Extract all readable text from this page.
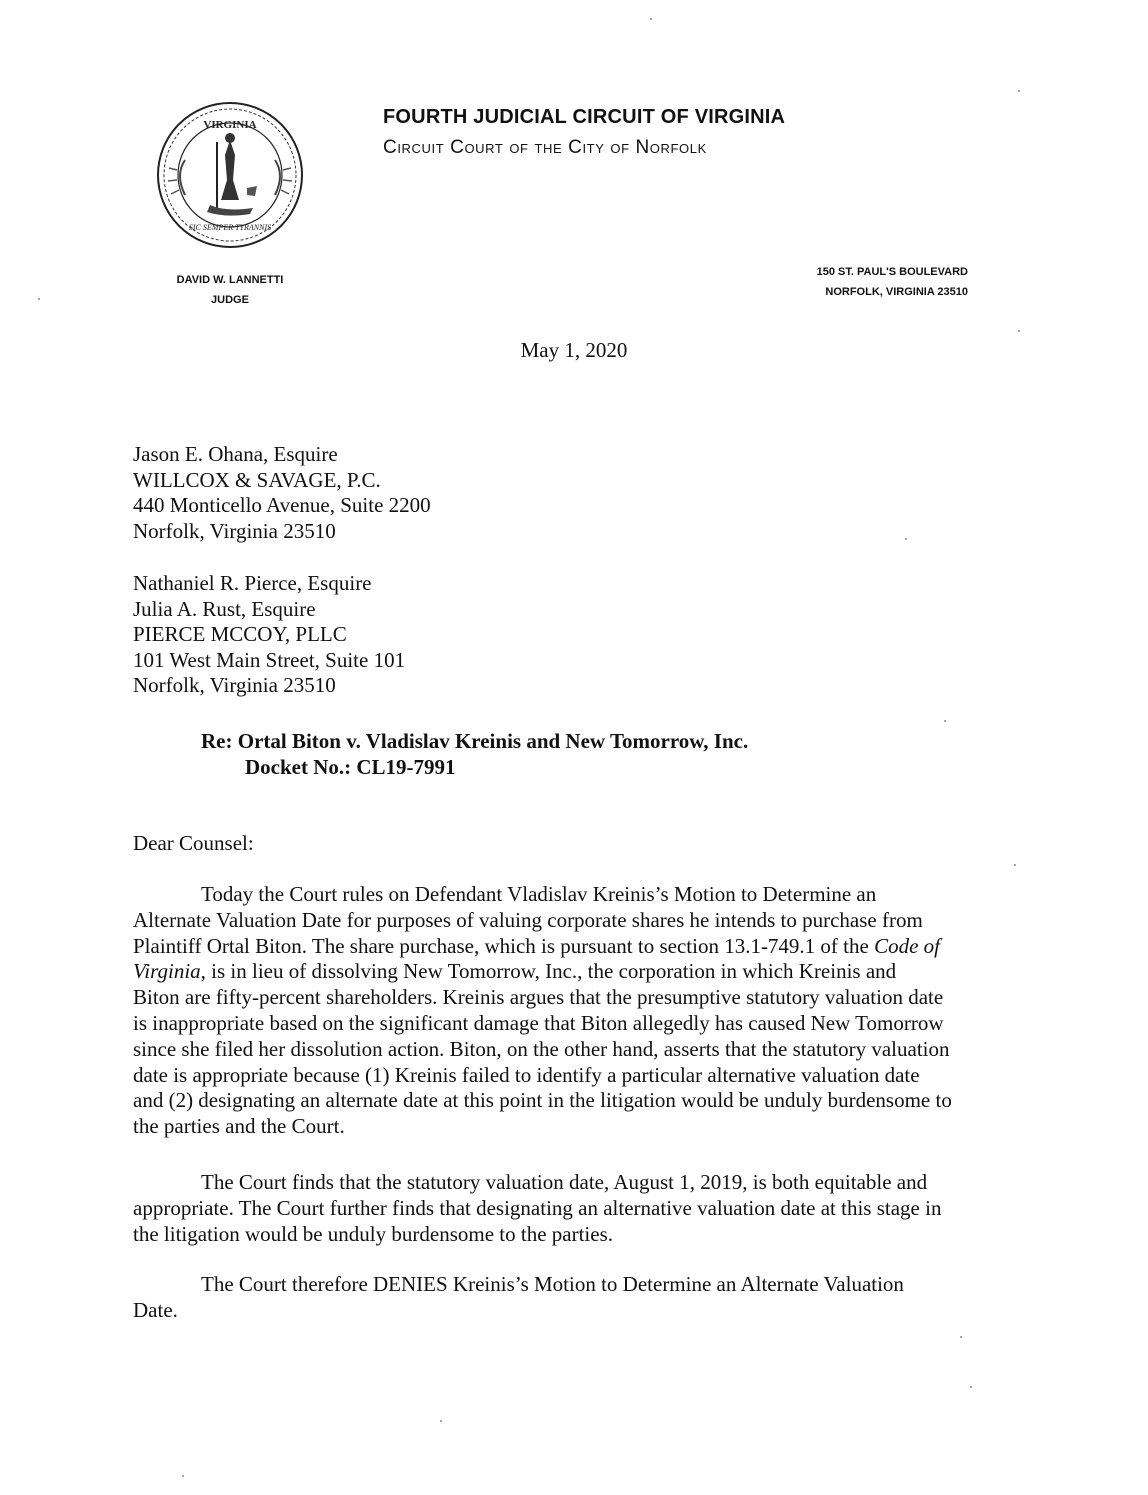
VIRGINIA
SIC SEMPER TYRANNIS
FOURTH JUDICIAL CIRCUIT OF VIRGINIA
Circuit Court of the City of Norfolk
DAVID W. LANNETTI
JUDGE
150 ST. PAUL'S BOULEVARD
NORFOLK, VIRGINIA 23510
May 1, 2020
Jason E. Ohana, Esquire
WILLCOX & SAVAGE, P.C.
440 Monticello Avenue, Suite 2200
Norfolk, Virginia 23510
Nathaniel R. Pierce, Esquire
Julia A. Rust, Esquire
PIERCE MCCOY, PLLC
101 West Main Street, Suite 101
Norfolk, Virginia 23510
Re: Ortal Biton v. Vladislav Kreinis and New Tomorrow, Inc.
Docket No.: CL19-7991
Dear Counsel:
Today the Court rules on Defendant Vladislav Kreinis’s Motion to Determine an
Alternate Valuation Date for purposes of valuing corporate shares he intends to purchase from
Plaintiff Ortal Biton. The share purchase, which is pursuant to section 13.1-749.1 of the Code of
Virginia, is in lieu of dissolving New Tomorrow, Inc., the corporation in which Kreinis and
Biton are fifty-percent shareholders. Kreinis argues that the presumptive statutory valuation date
is inappropriate based on the significant damage that Biton allegedly has caused New Tomorrow
since she filed her dissolution action. Biton, on the other hand, asserts that the statutory valuation
date is appropriate because (1) Kreinis failed to identify a particular alternative valuation date
and (2) designating an alternate date at this point in the litigation would be unduly burdensome to
the parties and the Court.
The Court finds that the statutory valuation date, August 1, 2019, is both equitable and
appropriate. The Court further finds that designating an alternative valuation date at this stage in
the litigation would be unduly burdensome to the parties.
The Court therefore DENIES Kreinis’s Motion to Determine an Alternate Valuation
Date.
